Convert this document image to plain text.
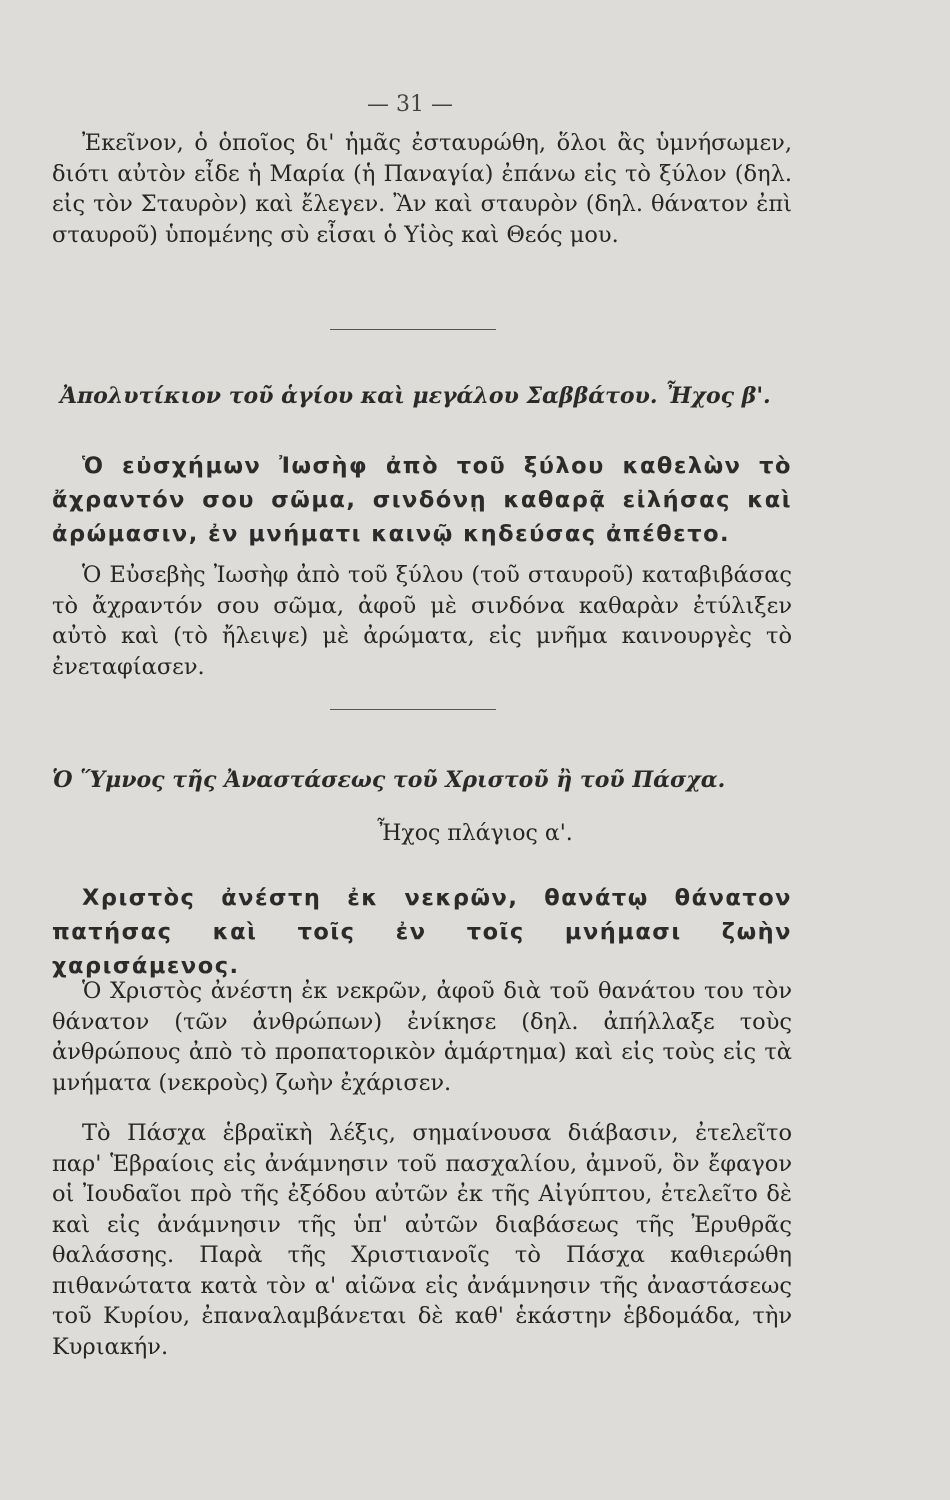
— 31 —

Ἐκεῖνον, ὁ ὁποῖος δι' ἡμᾶς ἐσταυρώθη, ὅλοι ἂς ὑμνήσωμεν, διότι αὐτὸν εἶδε ἡ Μαρία (ἡ Παναγία) ἐπάνω εἰς τὸ ξύλον (δηλ. εἰς τὸν Σταυρὸν) καὶ ἔλεγεν. Ἂν καὶ σταυρὸν (δηλ. θάνατον ἐπὶ σταυροῦ) ὑπομένης σὺ εἶσαι ὁ Υἱὸς καὶ Θεός μου.

Ἀπολυτίκιον τοῦ ἁγίου καὶ μεγάλου Σαββάτου. Ἦχος β'.

Ὁ εὐσχήμων Ἰωσὴφ ἀπὸ τοῦ ξύλου καθελὼν τὸ ἄχραντόν σου σῶμα, σινδόνῃ καθαρᾷ εἰλήσας καὶ ἀρώμασιν, ἐν μνήματι καινῷ κηδεύσας ἀπέθετο.

Ὁ Εὐσεβὴς Ἰωσὴφ ἀπὸ τοῦ ξύλου (τοῦ σταυροῦ) καταβιβάσας τὸ ἄχραντόν σου σῶμα, ἀφοῦ μὲ σινδόνα καθαρὰν ἐτύλιξεν αὐτὸ καὶ (τὸ ἤλειψε) μὲ ἀρώματα, εἰς μνῆμα καινουργὲς τὸ ἐνεταφίασεν.

Ὁ Ὕμνος τῆς Ἀναστάσεως τοῦ Χριστοῦ ἢ τοῦ Πάσχα.
Ἦχος πλάγιος α'.

Χριστὸς ἀνέστη ἐκ νεκρῶν, θανάτῳ θάνατον πατήσας καὶ τοῖς ἐν τοῖς μνήμασι ζωὴν χαρισάμενος.

Ὁ Χριστὸς ἀνέστη ἐκ νεκρῶν, ἀφοῦ διὰ τοῦ θανάτου του τὸν θάνατον (τῶν ἀνθρώπων) ἐνίκησε (δηλ. ἀπήλλαξε τοὺς ἀνθρώπους ἀπὸ τὸ προπατορικὸν ἁμάρτημα) καὶ εἰς τοὺς εἰς τὰ μνήματα (νεκροὺς) ζωὴν ἐχάρισεν.

Τὸ Πάσχα ἑβραϊκὴ λέξις, σημαίνουσα διάβασιν, ἐτελεῖτο παρ' Ἑβραίοις εἰς ἀνάμνησιν τοῦ πασχαλίου, ἀμνοῦ, ὃν ἔφαγον οἱ Ἰουδαῖοι πρὸ τῆς ἐξόδου αὐτῶν ἐκ τῆς Αἰγύπτου, ἐτελεῖτο δὲ καὶ εἰς ἀνάμνησιν τῆς ὑπ' αὐτῶν διαβάσεως τῆς Ἐρυθρᾶς θαλάσσης. Παρὰ τῆς Χριστιανοῖς τὸ Πάσχα καθιερώθη πιθανώτατα κατὰ τὸν α' αἰῶνα εἰς ἀνάμνησιν τῆς ἀναστάσεως τοῦ Κυρίου, ἐπαναλαμβάνεται δὲ καθ' ἑκάστην ἑβδομάδα, τὴν Κυριακήν.
